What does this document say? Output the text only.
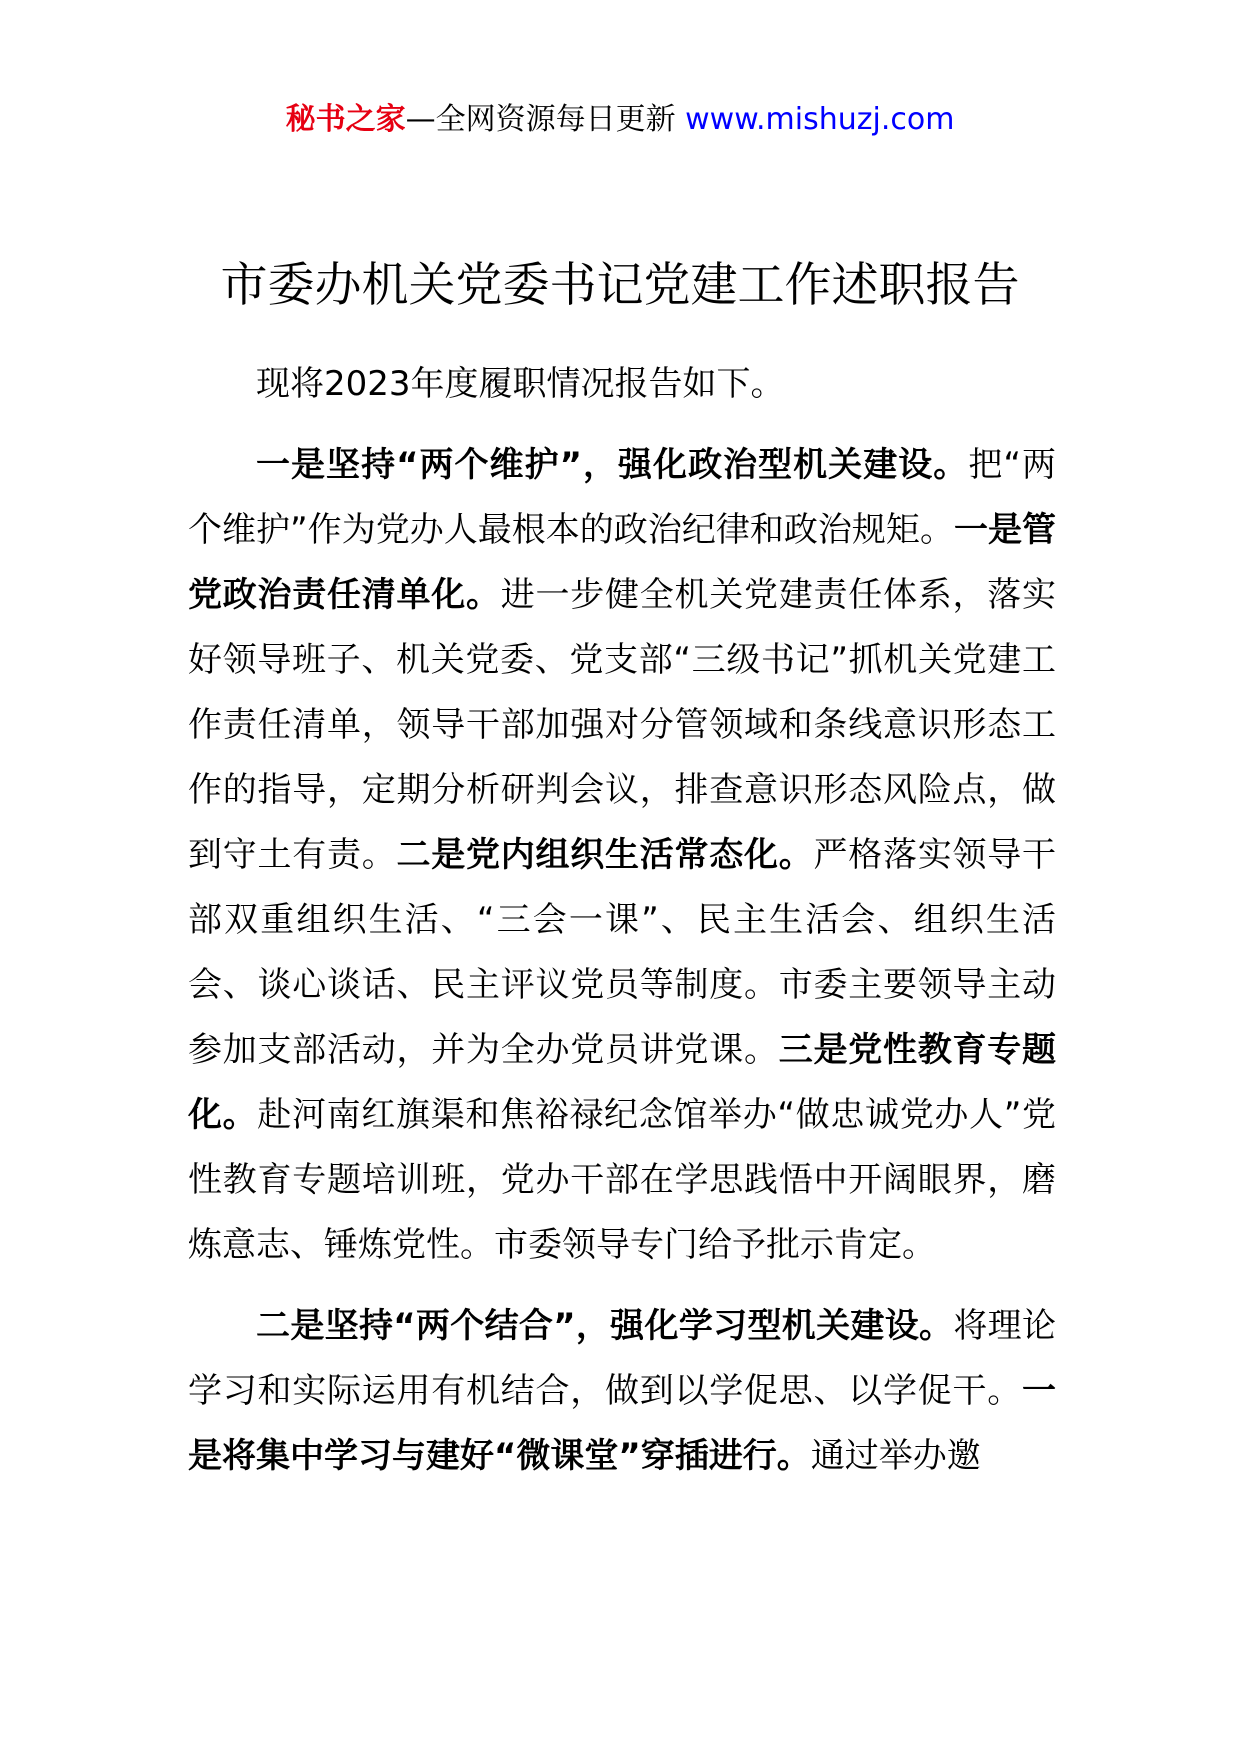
秘书之家—全网资源每日更新 www.mishuzj.com
市委办机关党委书记党建工作述职报告

现将2023年度履职情况报告如下。

一是坚持“两个维护”，强化政治型机关建设。把“两个维护”作为党办人最根本的政治纪律和政治规矩。一是管党政治责任清单化。进一步健全机关党建责任体系，落实好领导班子、机关党委、党支部“三级书记”抓机关党建工作责任清单，领导干部加强对分管领域和条线意识形态工作的指导，定期分析研判会议，排查意识形态风险点，做到守土有责。二是党内组织生活常态化。严格落实领导干部双重组织生活、“三会一课”、民主生活会、组织生活会、谈心谈话、民主评议党员等制度。市委主要领导主动参加支部活动，并为全办党员讲党课。三是党性教育专题化。赴河南红旗渠和焦裕禄纪念馆举办“做忠诚党办人”党性教育专题培训班，党办干部在学思践悟中开阔眼界，磨炼意志、锤炼党性。市委领导专门给予批示肯定。

二是坚持“两个结合”，强化学习型机关建设。将理论学习和实际运用有机结合，做到以学促思、以学促干。一是将集中学习与建好“微课堂”穿插进行。通过举办邀
